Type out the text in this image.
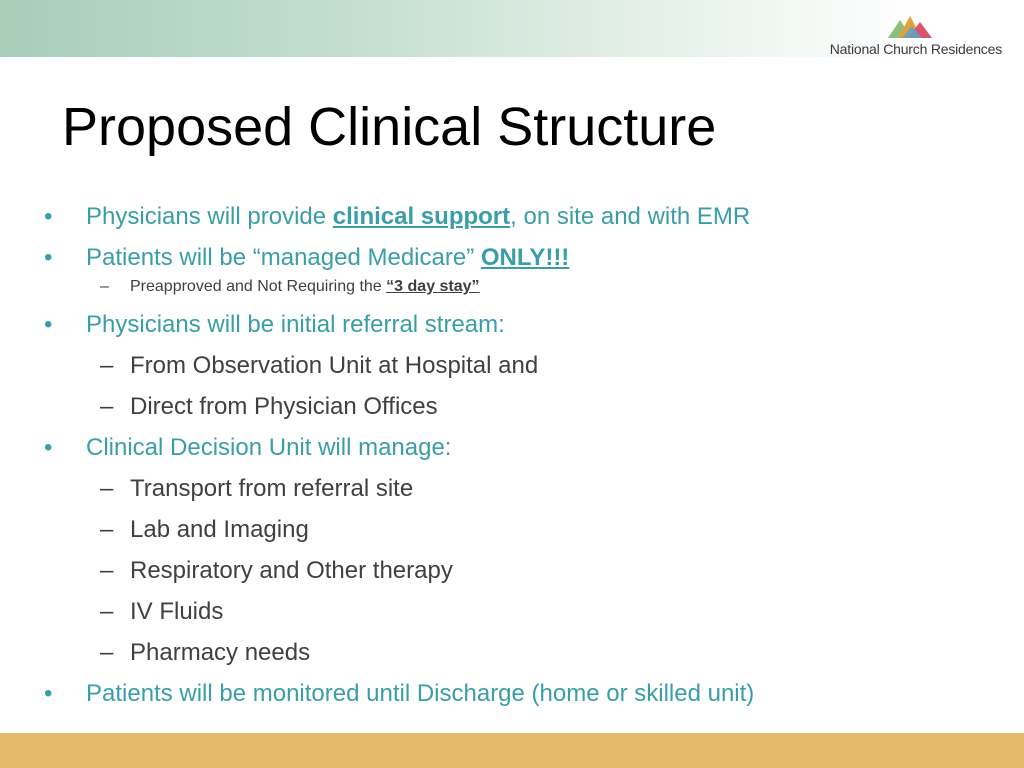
National Church Residences
Proposed Clinical Structure
• Physicians will provide clinical support, on site and with EMR
• Patients will be “managed Medicare” ONLY!!!
– Preapproved and Not Requiring the “3 day stay”
• Physicians will be initial referral stream:
– From Observation Unit at Hospital and
– Direct from Physician Offices
• Clinical Decision Unit will manage:
– Transport from referral site
– Lab and Imaging
– Respiratory and Other therapy
– IV Fluids
– Pharmacy needs
• Patients will be monitored until Discharge (home or skilled unit)
